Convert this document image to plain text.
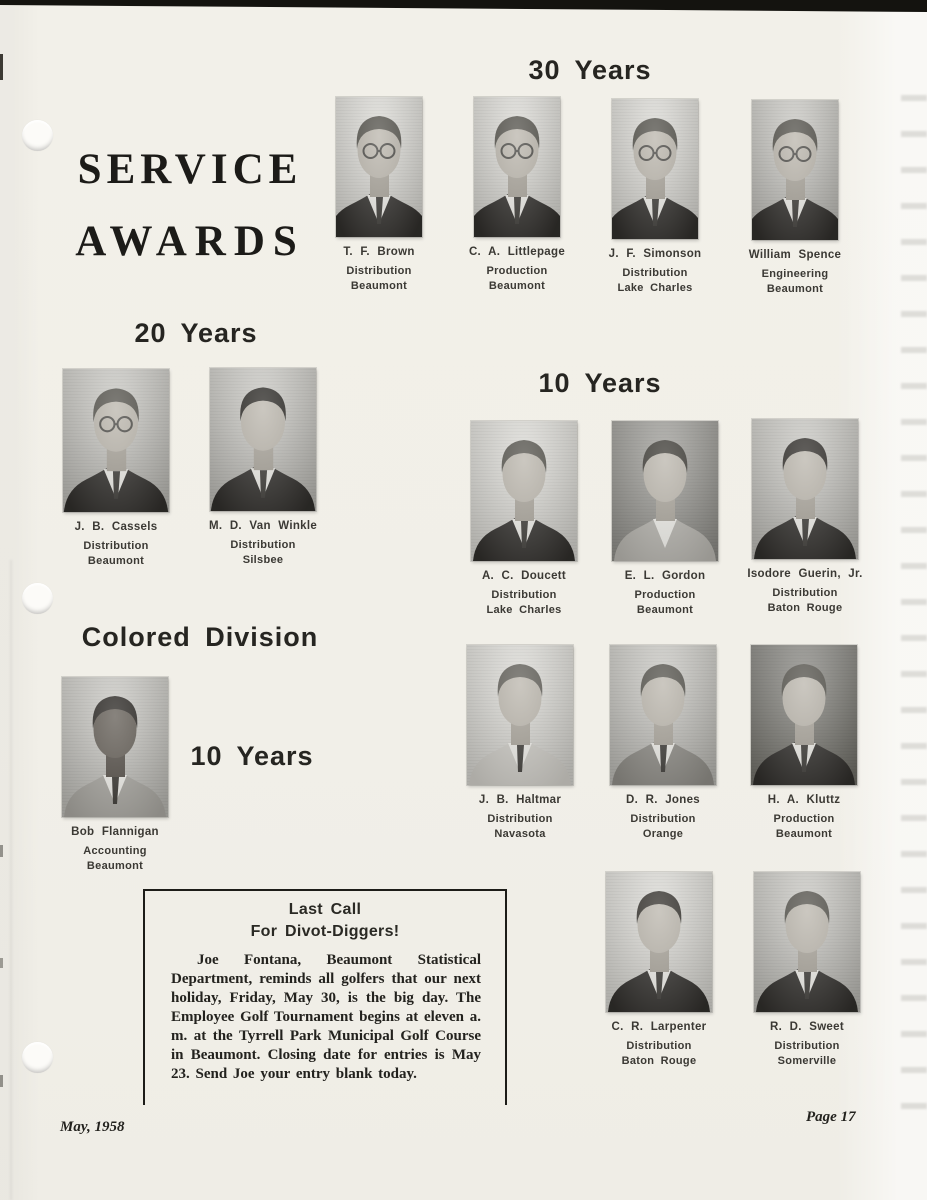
SERVICE
AWARDS
30 Years
20 Years
10 Years
Colored Division
10 Years
T. F. Brown
Distribution
Beaumont
C. A. Littlepage
Production
Beaumont
J. F. Simonson
Distribution
Lake Charles
William Spence
Engineering
Beaumont
J. B. Cassels
Distribution
Beaumont
M. D. Van Winkle
Distribution
Silsbee
A. C. Doucett
Distribution
Lake Charles
E. L. Gordon
Production
Beaumont
Isodore Guerin, Jr.
Distribution
Baton Rouge
J. B. Haltmar
Distribution
Navasota
D. R. Jones
Distribution
Orange
H. A. Kluttz
Production
Beaumont
C. R. Larpenter
Distribution
Baton Rouge
R. D. Sweet
Distribution
Somerville
Bob Flannigan
Accounting
Beaumont
Last Call
For Divot-Diggers!
Joe Fontana, Beaumont Statistical Department, reminds all golfers that our next holiday, Friday, May 30, is the big day. The Employee Golf Tournament begins at eleven a. m. at the Tyrrell Park Municipal Golf Course in Beaumont. Closing date for entries is May 23. Send Joe your entry blank today.
May, 1958
Page 17
